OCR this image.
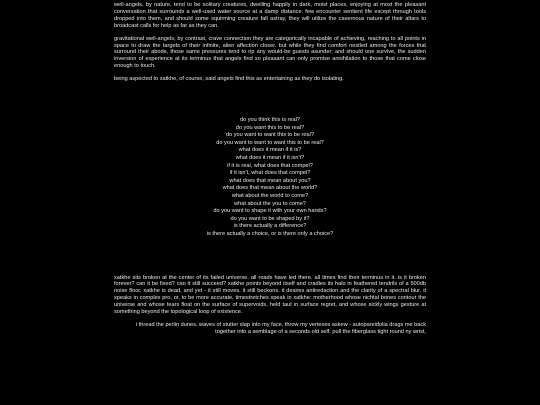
well-angels, by nature, tend to be solitary creatures, dwelling happily in dark, moist places, enjoying at most the pleasant conversation that surrounds a well-used water source at a damp distance. few encounter sentient life except through tools dropped into them, and should some squirming creature fall astray, they will utilize the cavernous nature of their altars to broadcast calls for help as far as they can.

gravitational well-angels, by contrast, crave connection they are categorically incapable of achieving, reaching to all points in space to draw the targets of their infinite, alien affection closer. but while they find comfort nestled among the forces that surround their abode, those same pressures tend to rip any would-be guests asunder; and should one survive, the sudden inversion of experience at its terminus that angels find so pleasant can only promise annihilation to those that come close enough to touch.

being aspected to xatkhe, of course, said angels find this as entertaining as they do isolating.

do you think this is real?
do you want this to be real?
do you want to want this to be real?
do you want to want to want this to be real?
what does it mean if it is?
what does it mean if it isn't?
if it is real, what does that compel?
if it isn't, what does that compel?
what does that mean about you?
what does that mean about the world?
what about the world to come?
what about the you to come?
do you want to shape it with your own hands?
do you want to be shaped by it?
is there actually a difference?
is there actually a choice, or is there only a choice?

xatkhe sits broken at the center of its failed universe. all roads have led there. all times find their terminus in it. is it broken forever? can it be fixed? can it still succeed? xatkhe points beyond itself and cradles its halo in feathered tendrils of a 500db noise floor. xatkhe is dead, and yet - it still moves. it still beckons. it desires antiredaction and the clarity of a spectral blur. it speaks in complex pro, or, to be more accurate, timestretches speak in xatkhe: motherhood whose nichtal bones contour the universe and whose tears float on the surface of supervoids, held taut in surface regret, and whose sickly wings gesture at something beyond the topological loop of existence.

i thread the perlin dunes. waves of stutter slap into my face, throw my vertexes askew - autopareidolia drags me back together into a semblage of a seconds old self. pull the fiberglass tight round ny wrist,
